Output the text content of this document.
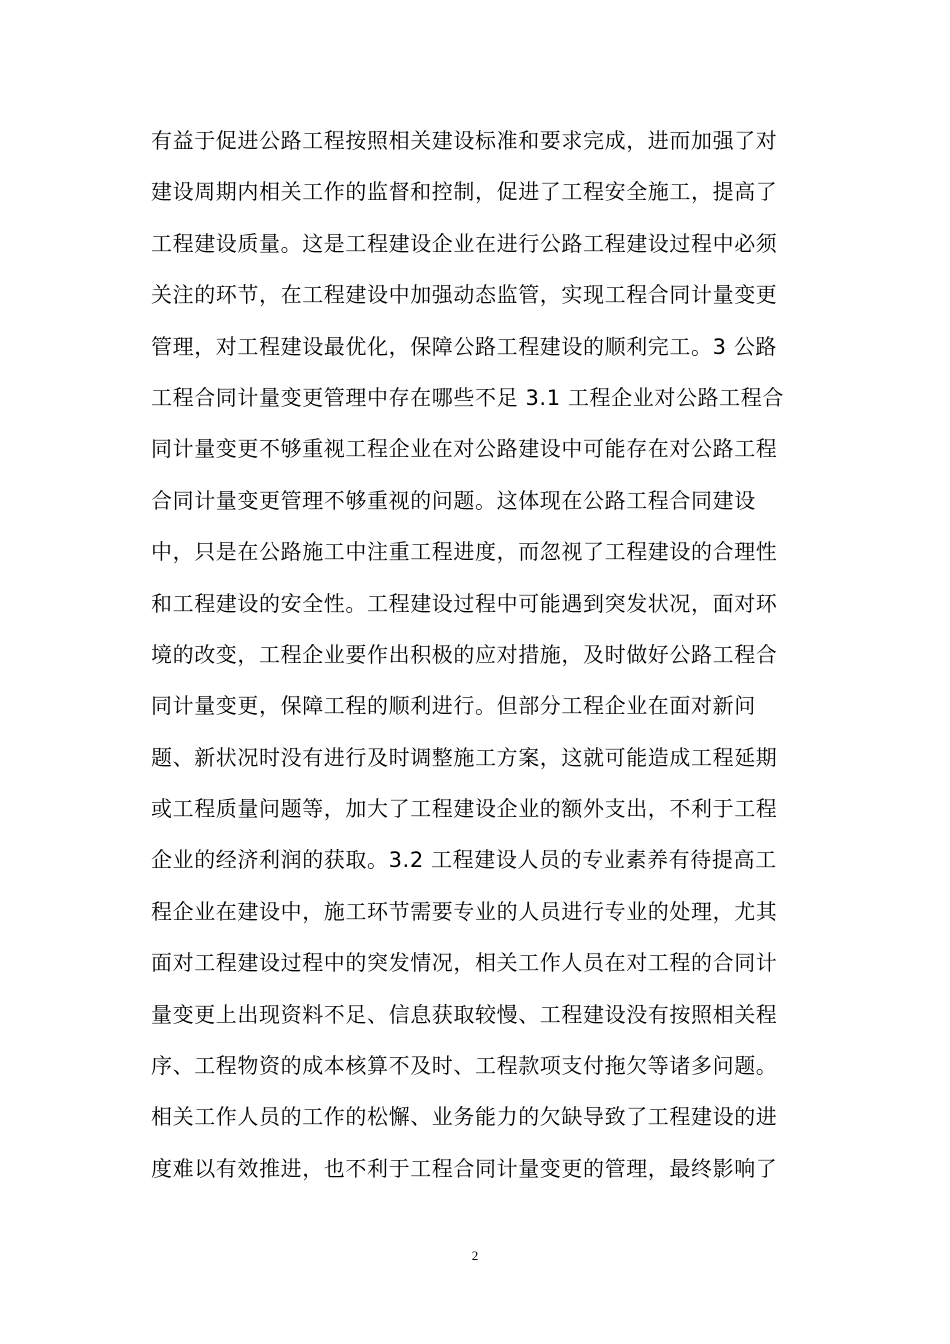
有益于促进公路工程按照相关建设标准和要求完成，进而加强了对
建设周期内相关工作的监督和控制，促进了工程安全施工，提高了
工程建设质量。这是工程建设企业在进行公路工程建设过程中必须
关注的环节，在工程建设中加强动态监管，实现工程合同计量变更
管理，对工程建设最优化，保障公路工程建设的顺利完工。3 公路
工程合同计量变更管理中存在哪些不足 3.1 工程企业对公路工程合
同计量变更不够重视工程企业在对公路建设中可能存在对公路工程
合同计量变更管理不够重视的问题。这体现在公路工程合同建设
中，只是在公路施工中注重工程进度，而忽视了工程建设的合理性
和工程建设的安全性。工程建设过程中可能遇到突发状况，面对环
境的改变，工程企业要作出积极的应对措施，及时做好公路工程合
同计量变更，保障工程的顺利进行。但部分工程企业在面对新问
题、新状况时没有进行及时调整施工方案，这就可能造成工程延期
或工程质量问题等，加大了工程建设企业的额外支出，不利于工程
企业的经济利润的获取。3.2 工程建设人员的专业素养有待提高工
程企业在建设中，施工环节需要专业的人员进行专业的处理，尤其
面对工程建设过程中的突发情况，相关工作人员在对工程的合同计
量变更上出现资料不足、信息获取较慢、工程建设没有按照相关程
序、工程物资的成本核算不及时、工程款项支付拖欠等诸多问题。
相关工作人员的工作的松懈、业务能力的欠缺导致了工程建设的进
度难以有效推进，也不利于工程合同计量变更的管理，最终影响了
2
